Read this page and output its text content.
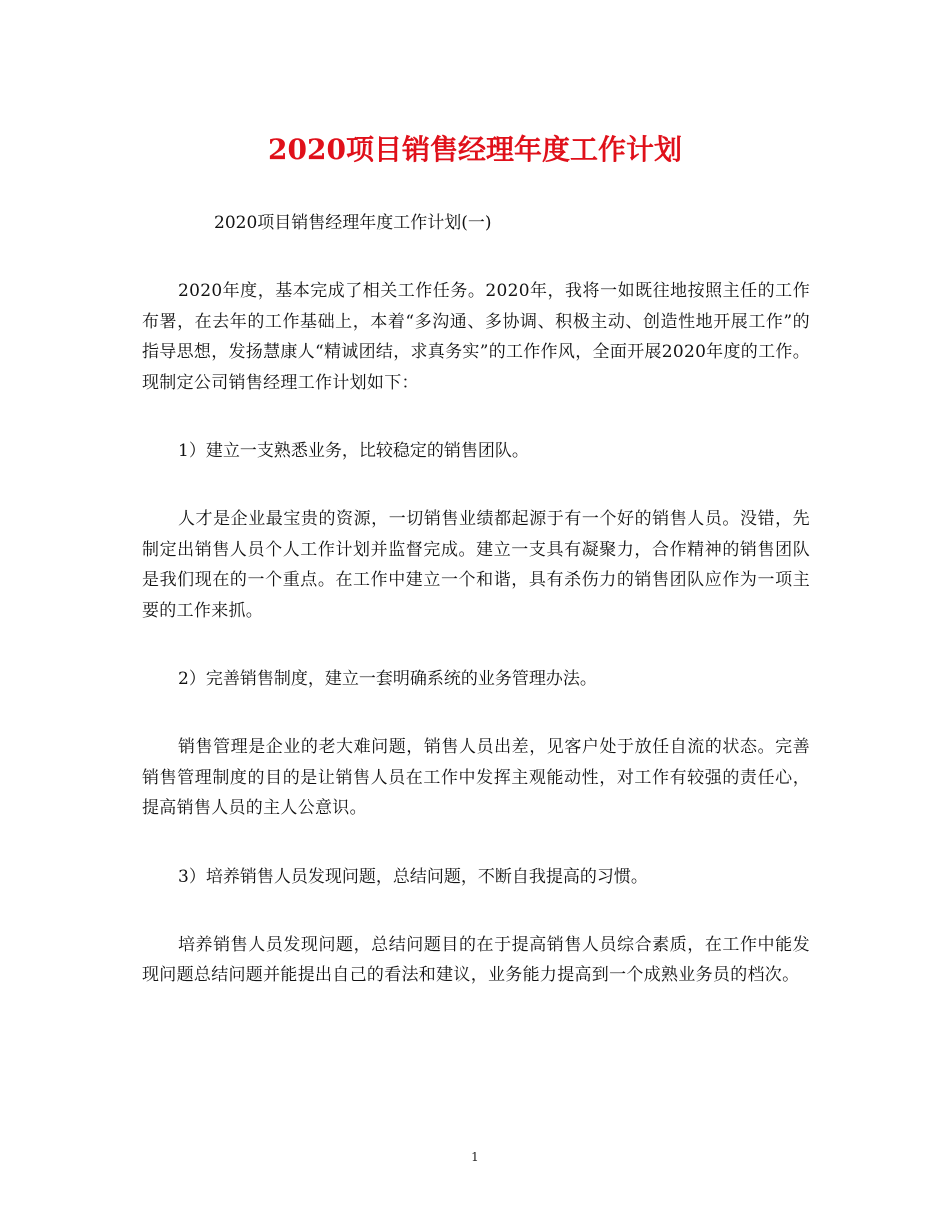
2020项目销售经理年度工作计划

2020项目销售经理年度工作计划(一)

2020年度，基本完成了相关工作任务。2020年，我将一如既往地按照主任的工作布署，在去年的工作基础上，本着“多沟通、多协调、积极主动、创造性地开展工作”的指导思想，发扬慧康人“精诚团结，求真务实”的工作作风，全面开展2020年度的工作。现制定公司销售经理工作计划如下：

1）建立一支熟悉业务，比较稳定的销售团队。

人才是企业最宝贵的资源，一切销售业绩都起源于有一个好的销售人员。没错，先制定出销售人员个人工作计划并监督完成。建立一支具有凝聚力，合作精神的销售团队是我们现在的一个重点。在工作中建立一个和谐，具有杀伤力的销售团队应作为一项主要的工作来抓。

2）完善销售制度，建立一套明确系统的业务管理办法。

销售管理是企业的老大难问题，销售人员出差，见客户处于放任自流的状态。完善销售管理制度的目的是让销售人员在工作中发挥主观能动性，对工作有较强的责任心，提高销售人员的主人公意识。

3）培养销售人员发现问题，总结问题，不断自我提高的习惯。

培养销售人员发现问题，总结问题目的在于提高销售人员综合素质，在工作中能发现问题总结问题并能提出自己的看法和建议，业务能力提高到一个成熟业务员的档次。

1
